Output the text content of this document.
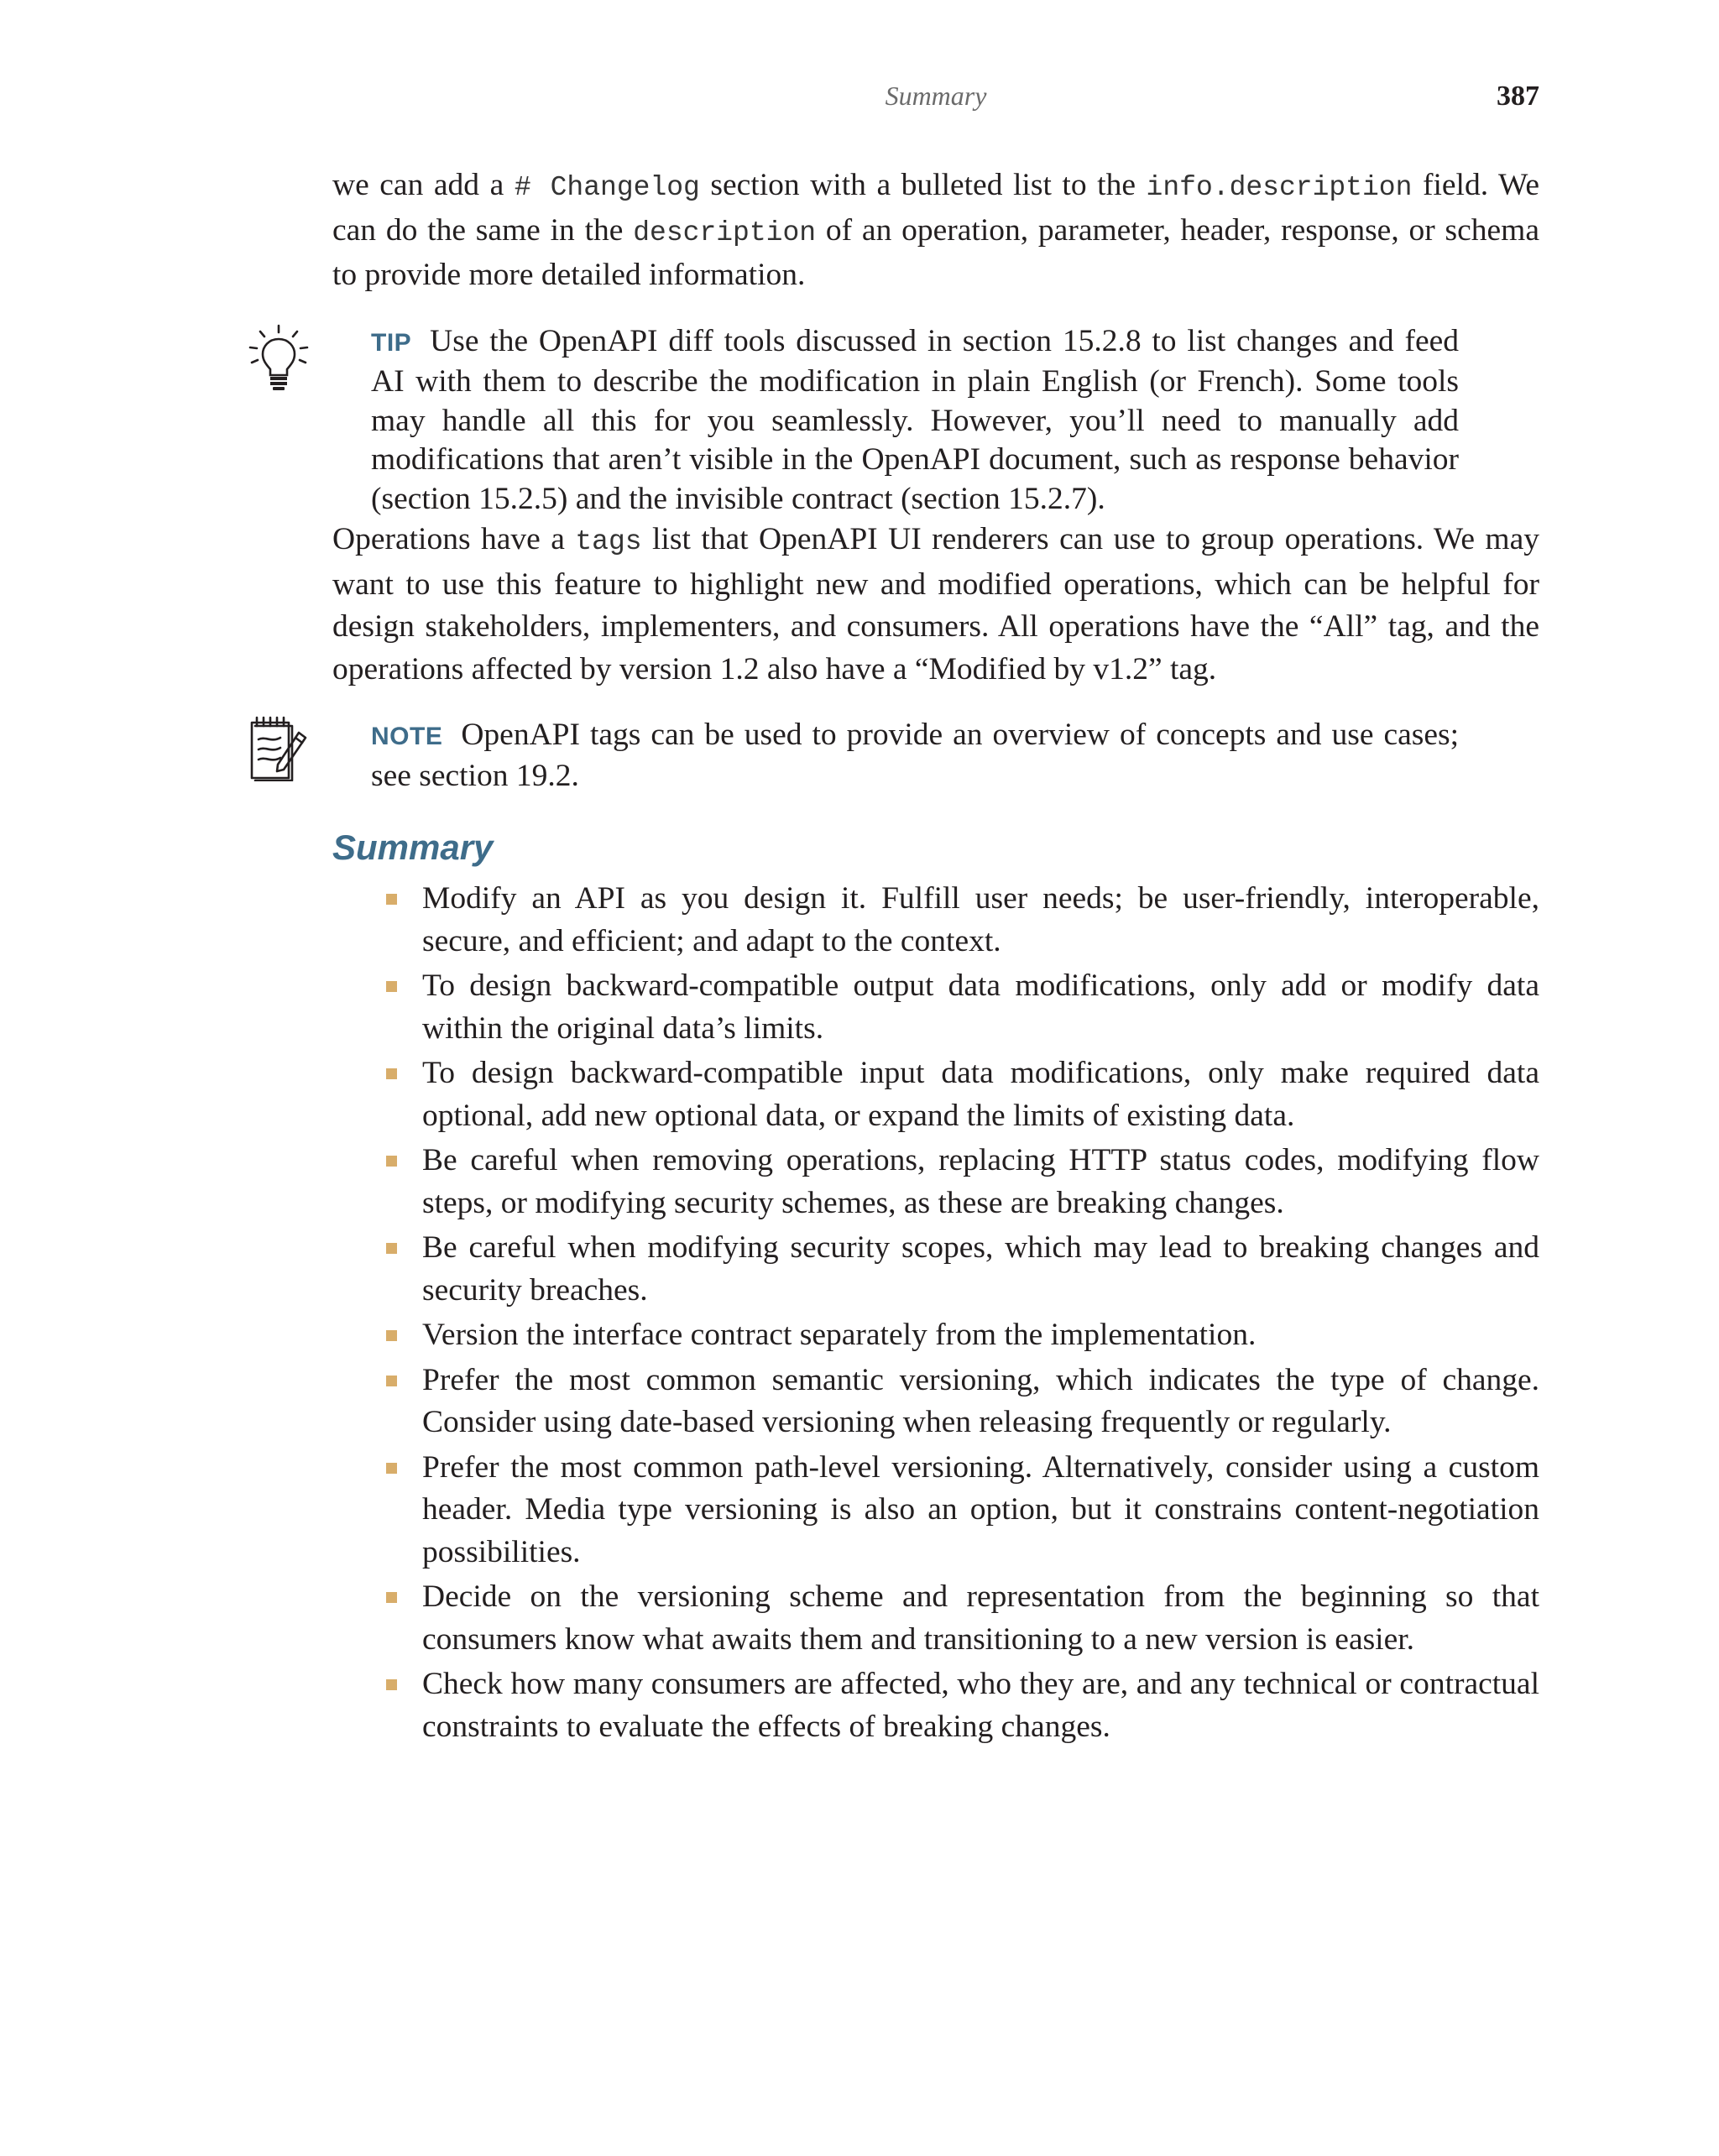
Summary	387

we can add a # Changelog section with a bulleted list to the info.description field. We can do the same in the description of an operation, parameter, header, response, or schema to provide more detailed information.

TIP Use the OpenAPI diff tools discussed in section 15.2.8 to list changes and feed AI with them to describe the modification in plain English (or French). Some tools may handle all this for you seamlessly. However, you’ll need to manually add modifications that aren’t visible in the OpenAPI document, such as response behavior (section 15.2.5) and the invisible contract (section 15.2.7).

Operations have a tags list that OpenAPI UI renderers can use to group operations. We may want to use this feature to highlight new and modified operations, which can be helpful for design stakeholders, implementers, and consumers. All operations have the “All” tag, and the operations affected by version 1.2 also have a “Modified by v1.2” tag.

NOTE OpenAPI tags can be used to provide an overview of concepts and use cases; see section 19.2.
Summary
Modify an API as you design it. Fulfill user needs; be user-friendly, interoperable, secure, and efficient; and adapt to the context.
To design backward-compatible output data modifications, only add or modify data within the original data’s limits.
To design backward-compatible input data modifications, only make required data optional, add new optional data, or expand the limits of existing data.
Be careful when removing operations, replacing HTTP status codes, modifying flow steps, or modifying security schemes, as these are breaking changes.
Be careful when modifying security scopes, which may lead to breaking changes and security breaches.
Version the interface contract separately from the implementation.
Prefer the most common semantic versioning, which indicates the type of change. Consider using date-based versioning when releasing frequently or regularly.
Prefer the most common path-level versioning. Alternatively, consider using a custom header. Media type versioning is also an option, but it constrains content-negotiation possibilities.
Decide on the versioning scheme and representation from the beginning so that consumers know what awaits them and transitioning to a new version is easier.
Check how many consumers are affected, who they are, and any technical or contractual constraints to evaluate the effects of breaking changes.
